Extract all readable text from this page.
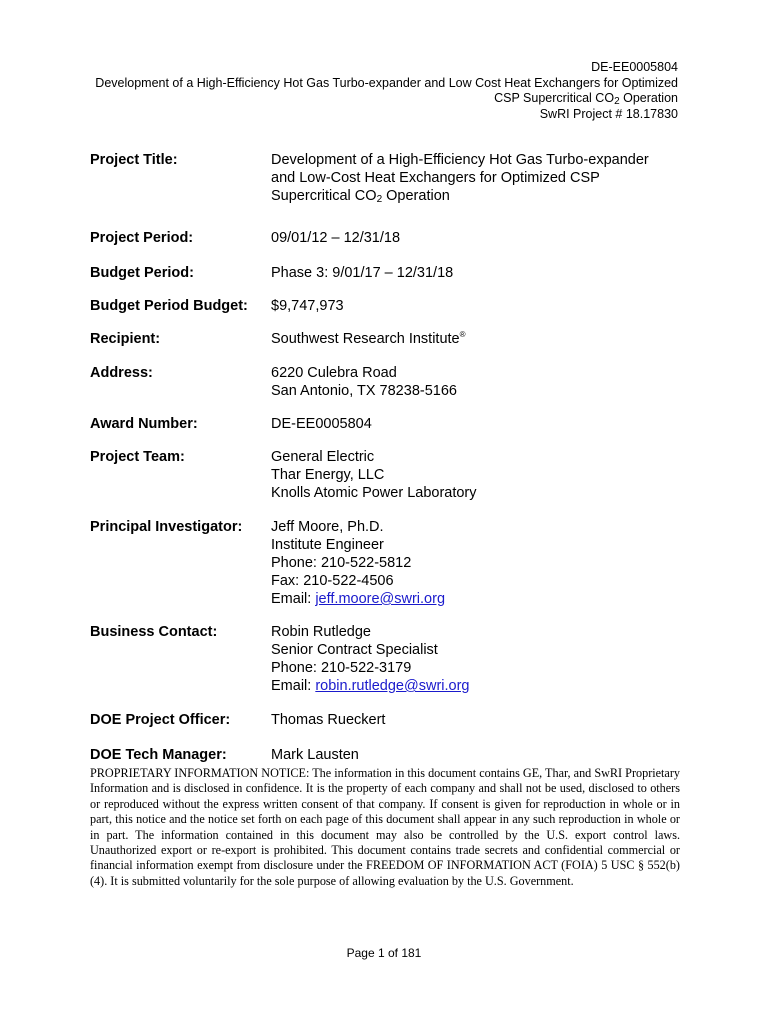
DE-EE0005804
Development of a High-Efficiency Hot Gas Turbo-expander and Low Cost Heat Exchangers for Optimized
CSP Supercritical $CO_2$ Operation
SwRI Project # 18.17830
Project Title:	Development of a High-Efficiency Hot Gas Turbo-expander
and Low-Cost Heat Exchangers for Optimized CSP
Supercritical $CO_2$ Operation
Project Period:	09/01/12 – 12/31/18
Budget Period:	Phase 3: 9/01/17 – 12/31/18
Budget Period Budget: $9,747,973
Recipient:	Southwest Research Institute®
Address:	6220 Culebra Road
San Antonio, TX 78238-5166
Award Number:	DE-EE0005804
Project Team:	General Electric
Thar Energy, LLC
Knolls Atomic Power Laboratory
Principal Investigator: Jeff Moore, Ph.D.
Institute Engineer
Phone: 210-522-5812
Fax: 210-522-4506
Email: jeff.moore@swri.org
Business Contact:	Robin Rutledge
Senior Contract Specialist
Phone: 210-522-3179
Email: robin.rutledge@swri.org
DOE Project Officer:	Thomas Rueckert
DOE Tech Manager:	Mark Lausten
PROPRIETARY INFORMATION NOTICE: The information in this document contains GE, Thar, and SwRI Proprietary Information and is disclosed in confidence. It is the property of each company and shall not be used, disclosed to others or reproduced without the express written consent of that company. If consent is given for reproduction in whole or in part, this notice and the notice set forth on each page of this document shall appear in any such reproduction in whole or in part. The information contained in this document may also be controlled by the U.S. export control laws. Unauthorized export or re-export is prohibited. This document contains trade secrets and confidential commercial or financial information exempt from disclosure under the FREEDOM OF INFORMATION ACT (FOIA) 5 USC § 552(b)(4). It is submitted voluntarily for the sole purpose of allowing evaluation by the U.S. Government.
Page 1 of 181
